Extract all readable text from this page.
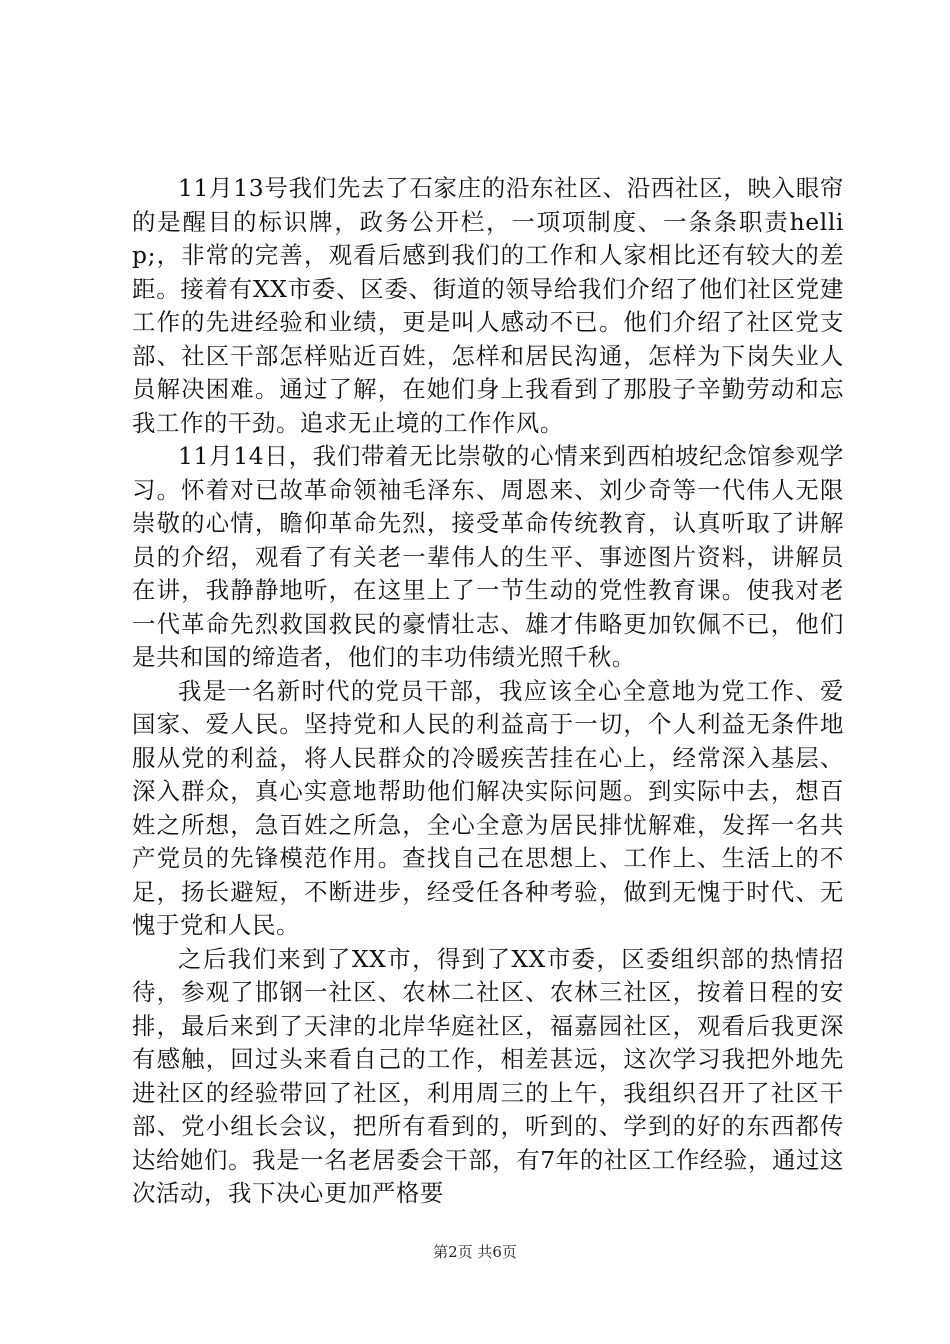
11月13号我们先去了石家庄的沿东社区、沿西社区，映入眼帘的是醒目的标识牌，政务公开栏，一项项制度、一条条职责hellip;，非常的完善，观看后感到我们的工作和人家相比还有较大的差距。接着有XX市委、区委、街道的领导给我们介绍了他们社区党建工作的先进经验和业绩，更是叫人感动不已。他们介绍了社区党支部、社区干部怎样贴近百姓，怎样和居民沟通，怎样为下岗失业人员解决困难。通过了解，在她们身上我看到了那股子辛勤劳动和忘我工作的干劲。追求无止境的工作作风。

11月14日，我们带着无比崇敬的心情来到西柏坡纪念馆参观学习。怀着对已故革命领袖毛泽东、周恩来、刘少奇等一代伟人无限崇敬的心情，瞻仰革命先烈，接受革命传统教育，认真听取了讲解员的介绍，观看了有关老一辈伟人的生平、事迹图片资料，讲解员在讲，我静静地听，在这里上了一节生动的党性教育课。使我对老一代革命先烈救国救民的豪情壮志、雄才伟略更加钦佩不已，他们是共和国的缔造者，他们的丰功伟绩光照千秋。

我是一名新时代的党员干部，我应该全心全意地为党工作、爱国家、爱人民。坚持党和人民的利益高于一切，个人利益无条件地服从党的利益，将人民群众的冷暖疾苦挂在心上，经常深入基层、深入群众，真心实意地帮助他们解决实际问题。到实际中去，想百姓之所想，急百姓之所急，全心全意为居民排忧解难，发挥一名共产党员的先锋模范作用。查找自己在思想上、工作上、生活上的不足，扬长避短，不断进步，经受任各种考验，做到无愧于时代、无愧于党和人民。

之后我们来到了XX市，得到了XX市委，区委组织部的热情招待，参观了邯钢一社区、农林二社区、农林三社区，按着日程的安排，最后来到了天津的北岸华庭社区，福嘉园社区，观看后我更深有感触，回过头来看自己的工作，相差甚远，这次学习我把外地先进社区的经验带回了社区，利用周三的上午，我组织召开了社区干部、党小组长会议，把所有看到的，听到的、学到的好的东西都传达给她们。我是一名老居委会干部，有7年的社区工作经验，通过这次活动，我下决心更加严格要

第2页 共6页
